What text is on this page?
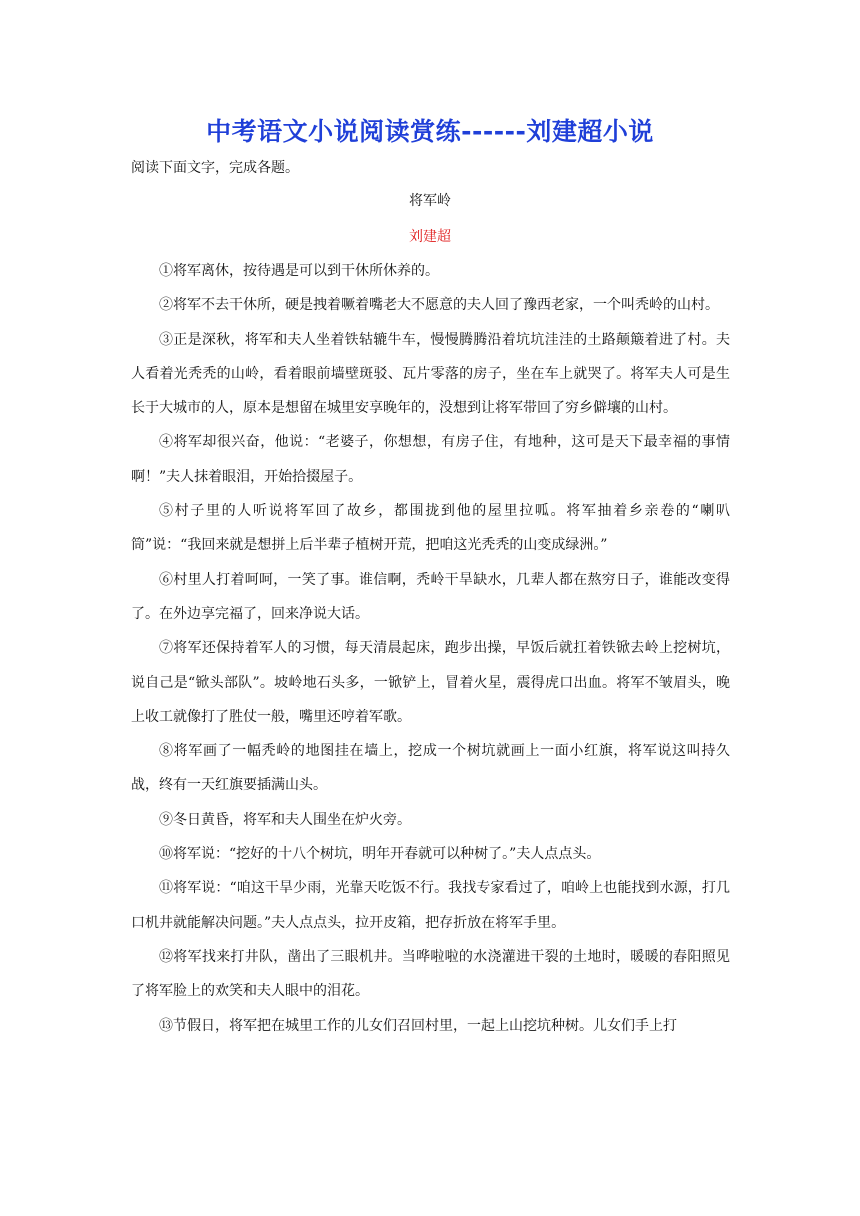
中考语文小说阅读赏练------刘建超小说
阅读下面文字，完成各题。
将军岭
刘建超

①将军离休，按待遇是可以到干休所休养的。

②将军不去干休所，硬是拽着噘着嘴老大不愿意的夫人回了豫西老家，一个叫秃岭的山村。

③正是深秋，将军和夫人坐着铁轱辘牛车，慢慢腾腾沿着坑坑洼洼的土路颠簸着进了村。夫人看着光秃秃的山岭，看着眼前墙壁斑驳、瓦片零落的房子，坐在车上就哭了。将军夫人可是生长于大城市的人，原本是想留在城里安享晚年的，没想到让将军带回了穷乡僻壤的山村。

④将军却很兴奋，他说：“老婆子，你想想，有房子住，有地种，这可是天下最幸福的事情啊！”夫人抹着眼泪，开始拾掇屋子。

⑤村子里的人听说将军回了故乡，都围拢到他的屋里拉呱。将军抽着乡亲卷的“喇叭筒”说：“我回来就是想拼上后半辈子植树开荒，把咱这光秃秃的山变成绿洲。”

⑥村里人打着呵呵，一笑了事。谁信啊，秃岭干旱缺水，几辈人都在熬穷日子，谁能改变得了。在外边享完福了，回来净说大话。

⑦将军还保持着军人的习惯，每天清晨起床，跑步出操，早饭后就扛着铁锨去岭上挖树坑，说自己是“锨头部队”。坡岭地石头多，一锨铲上，冒着火星，震得虎口出血。将军不皱眉头，晚上收工就像打了胜仗一般，嘴里还哼着军歌。

⑧将军画了一幅秃岭的地图挂在墙上，挖成一个树坑就画上一面小红旗，将军说这叫持久战，终有一天红旗要插满山头。

⑨冬日黄昏，将军和夫人围坐在炉火旁。

⑩将军说：“挖好的十八个树坑，明年开春就可以种树了。”夫人点点头。

⑪将军说：“咱这干旱少雨，光靠天吃饭不行。我找专家看过了，咱岭上也能找到水源，打几口机井就能解决问题。”夫人点点头，拉开皮箱，把存折放在将军手里。

⑫将军找来打井队，凿出了三眼机井。当哗啦啦的水浇灌进干裂的土地时，暖暖的春阳照见了将军脸上的欢笑和夫人眼中的泪花。

⑬节假日，将军把在城里工作的儿女们召回村里，一起上山挖坑种树。儿女们手上打
